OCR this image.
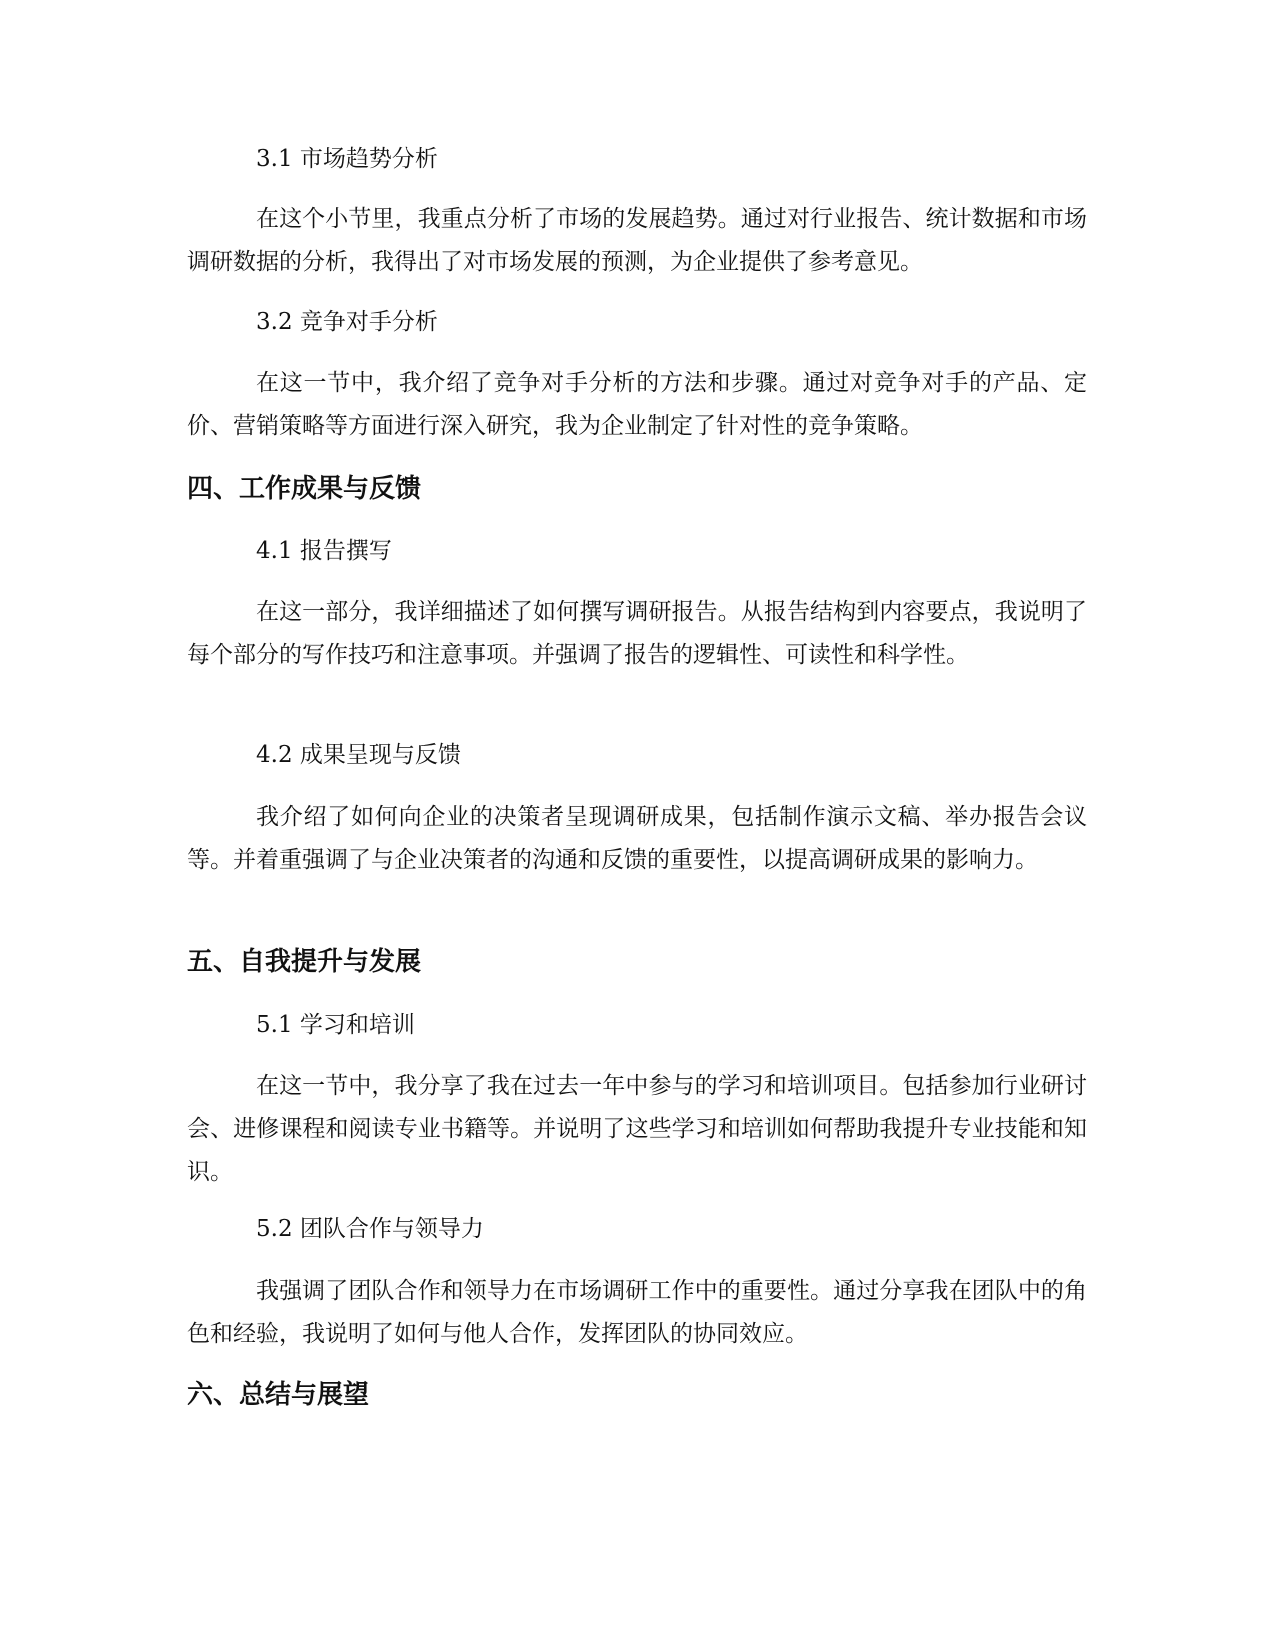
3.1 市场趋势分析

在这个小节里，我重点分析了市场的发展趋势。通过对行业报告、统计数据和市场调研数据的分析，我得出了对市场发展的预测，为企业提供了参考意见。

3.2 竞争对手分析

在这一节中，我介绍了竞争对手分析的方法和步骤。通过对竞争对手的产品、定价、营销策略等方面进行深入研究，我为企业制定了针对性的竞争策略。

四、工作成果与反馈
4.1 报告撰写

在这一部分，我详细描述了如何撰写调研报告。从报告结构到内容要点，我说明了每个部分的写作技巧和注意事项。并强调了报告的逻辑性、可读性和科学性。

4.2 成果呈现与反馈

我介绍了如何向企业的决策者呈现调研成果，包括制作演示文稿、举办报告会议等。并着重强调了与企业决策者的沟通和反馈的重要性，以提高调研成果的影响力。

五、自我提升与发展
5.1 学习和培训

在这一节中，我分享了我在过去一年中参与的学习和培训项目。包括参加行业研讨会、进修课程和阅读专业书籍等。并说明了这些学习和培训如何帮助我提升专业技能和知识。

5.2 团队合作与领导力

我强调了团队合作和领导力在市场调研工作中的重要性。通过分享我在团队中的角色和经验，我说明了如何与他人合作，发挥团队的协同效应。

六、总结与展望
